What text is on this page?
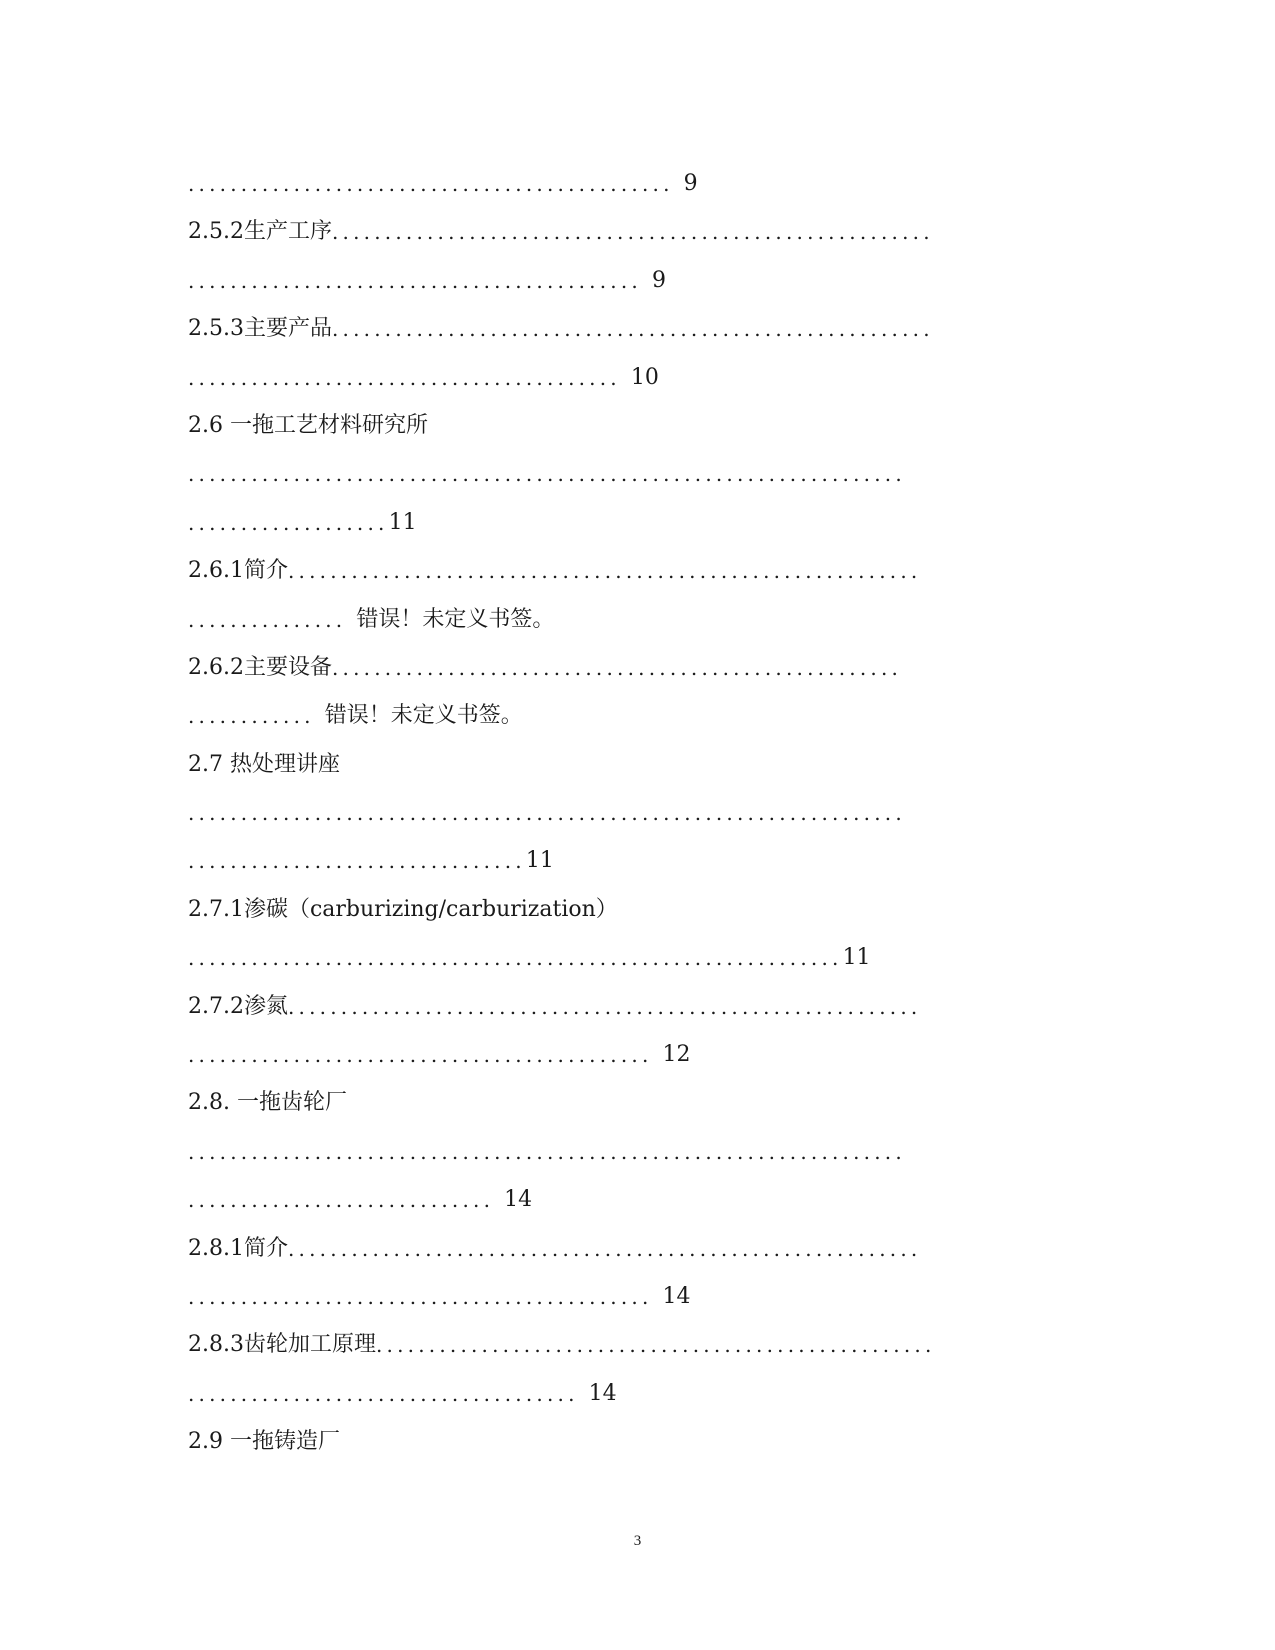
.............................................. 9
2.5.2生产工序 .........................................................
........................................... 9
2.5.3主要产品 .........................................................
......................................... 10
2.6 一拖工艺材料研究所
....................................................................
................... 11
2.6.1简介 ............................................................
............... 错误！未定义书签。
2.6.2主要设备 ......................................................
............ 错误！未定义书签。
2.7 热处理讲座
....................................................................
................................ 11
2.7.1渗碳（carburizing/carburization）
.............................................................. 11
2.7.2渗氮 ............................................................
............................................ 12
2.8. 一拖齿轮厂
....................................................................
............................. 14
2.8.1简介 ............................................................
............................................ 14
2.8.3齿轮加工原理 .....................................................
..................................... 14
2.9 一拖铸造厂
3
